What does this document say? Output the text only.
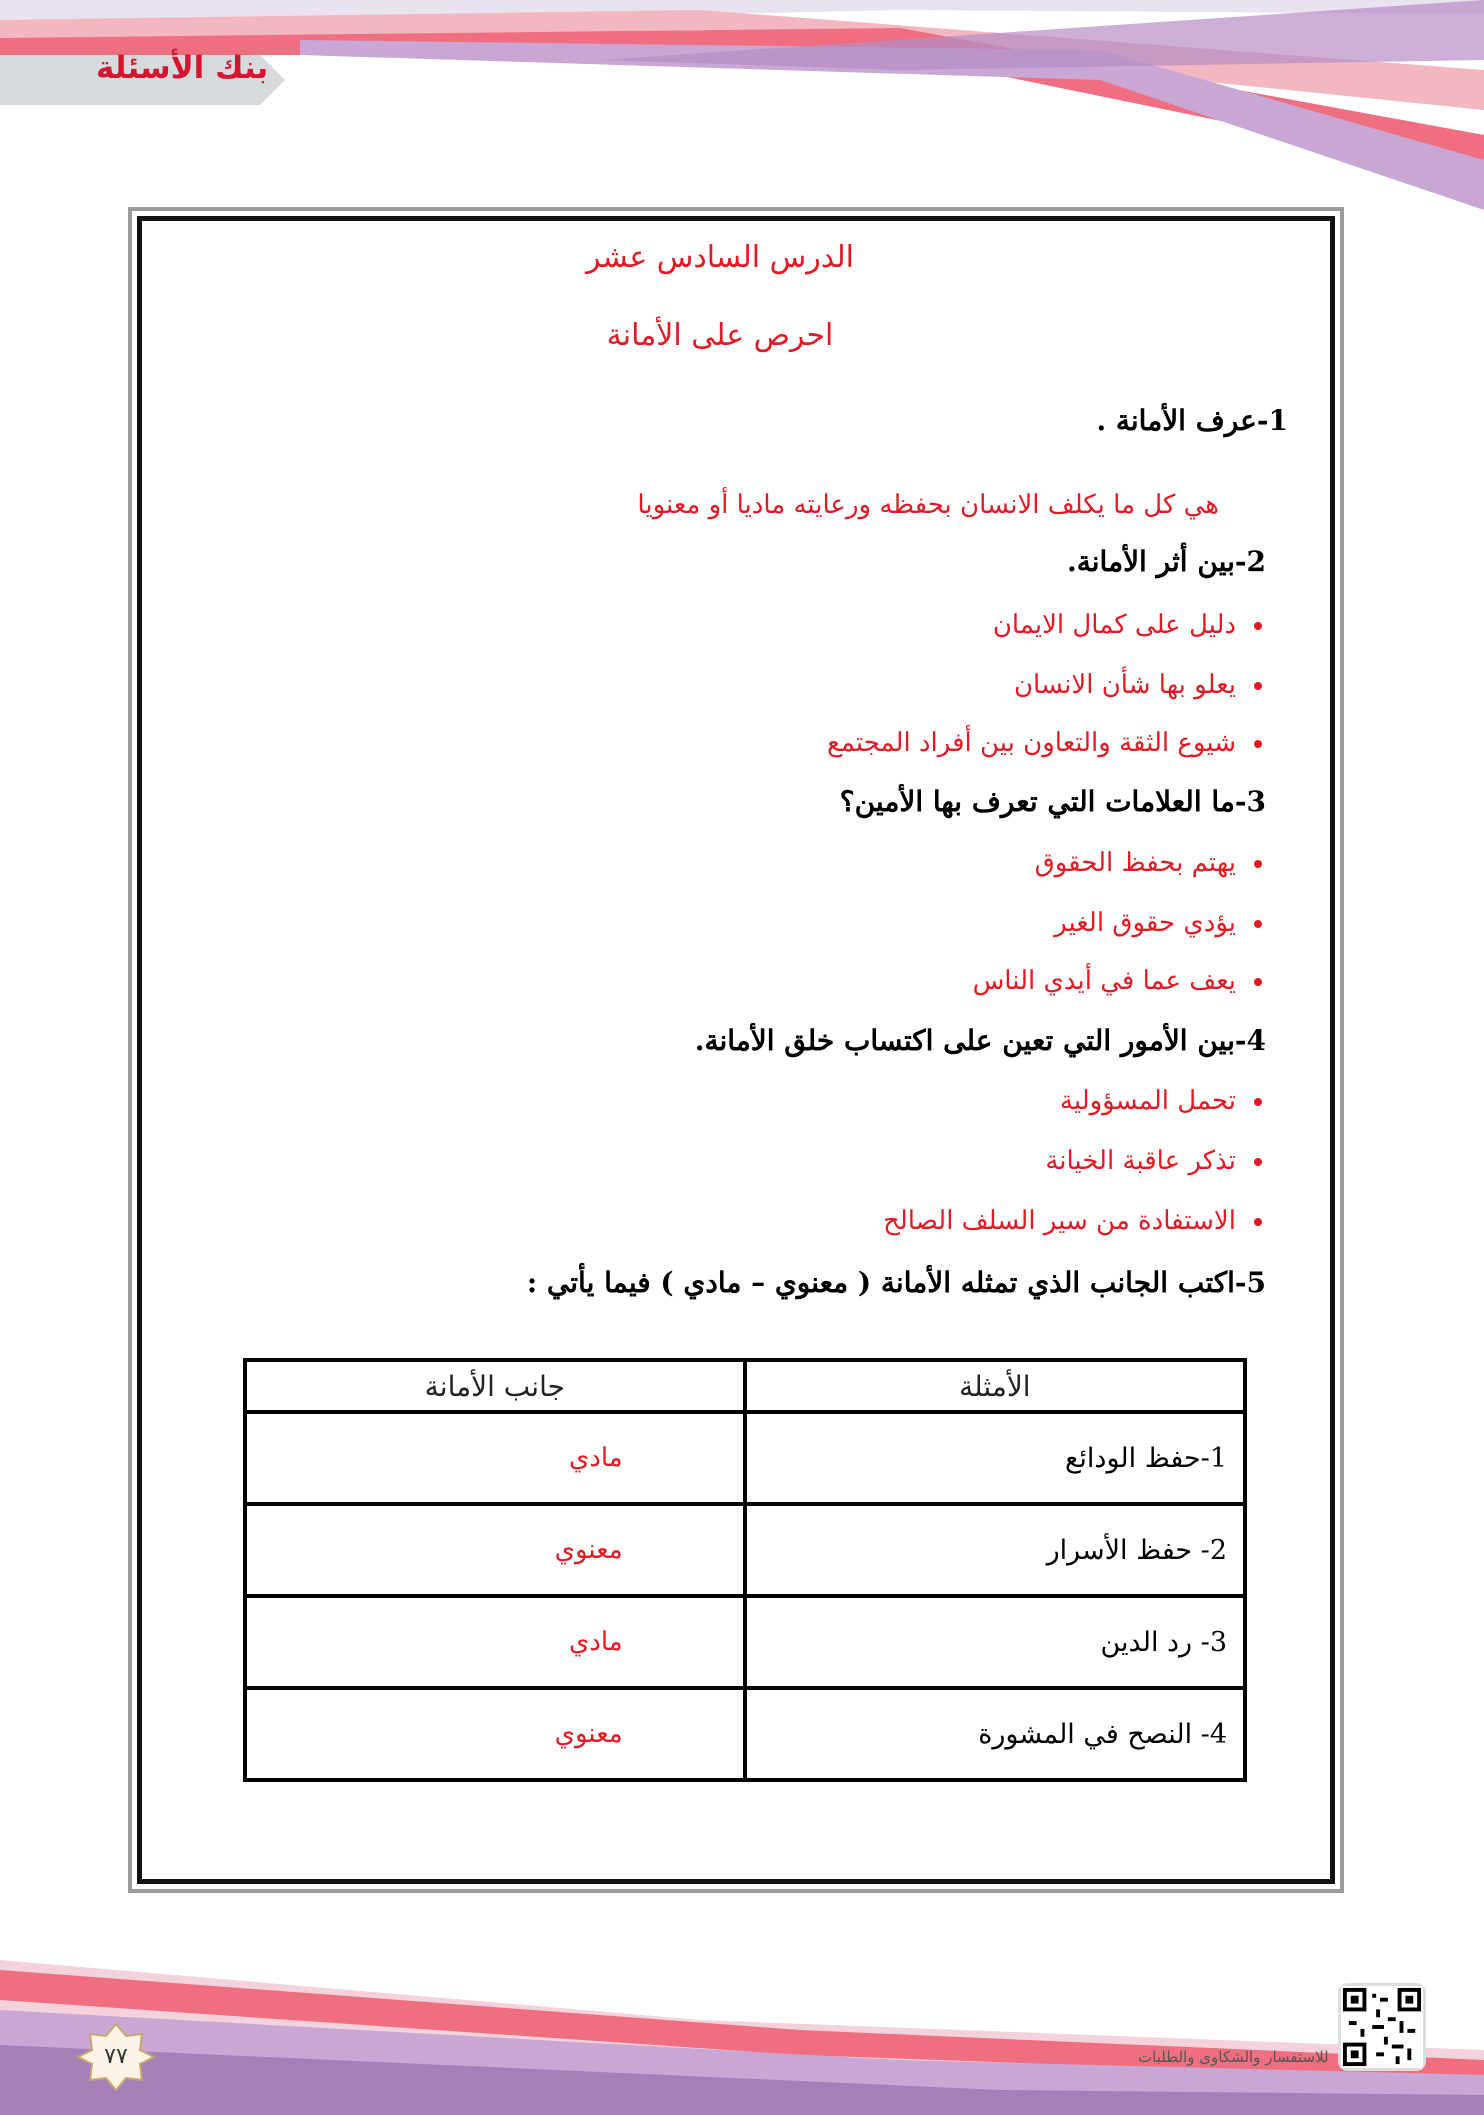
بنك الأسئلة
الدرس السادس عشر
احرص على الأمانة
1-عرف الأمانة .
هي كل ما يكلف الانسان بحفظه ورعايته ماديا أو معنويا
2-بين أثر الأمانة.
دليل على كمال الايمان
يعلو بها شأن الانسان
شيوع الثقة والتعاون بين أفراد المجتمع
3-ما العلامات التي تعرف بها الأمين؟
يهتم بحفظ الحقوق
يؤدي حقوق الغير
يعف عما في أيدي الناس
4-بين الأمور التي تعين على اكتساب خلق الأمانة.
تحمل المسؤولية
تذكر عاقبة الخيانة
الاستفادة من سير السلف الصالح
5-اكتب الجانب الذي تمثله الأمانة ( معنوي – مادي ) فيما يأتي :
الأمثلة	جانب الأمانة
1-حفظ الودائع	مادي
2- حفظ الأسرار	معنوي
3- رد الدين	مادي
4- النصح في المشورة	معنوي
٧٧	للاستفسار والشكاوى والطلبات
